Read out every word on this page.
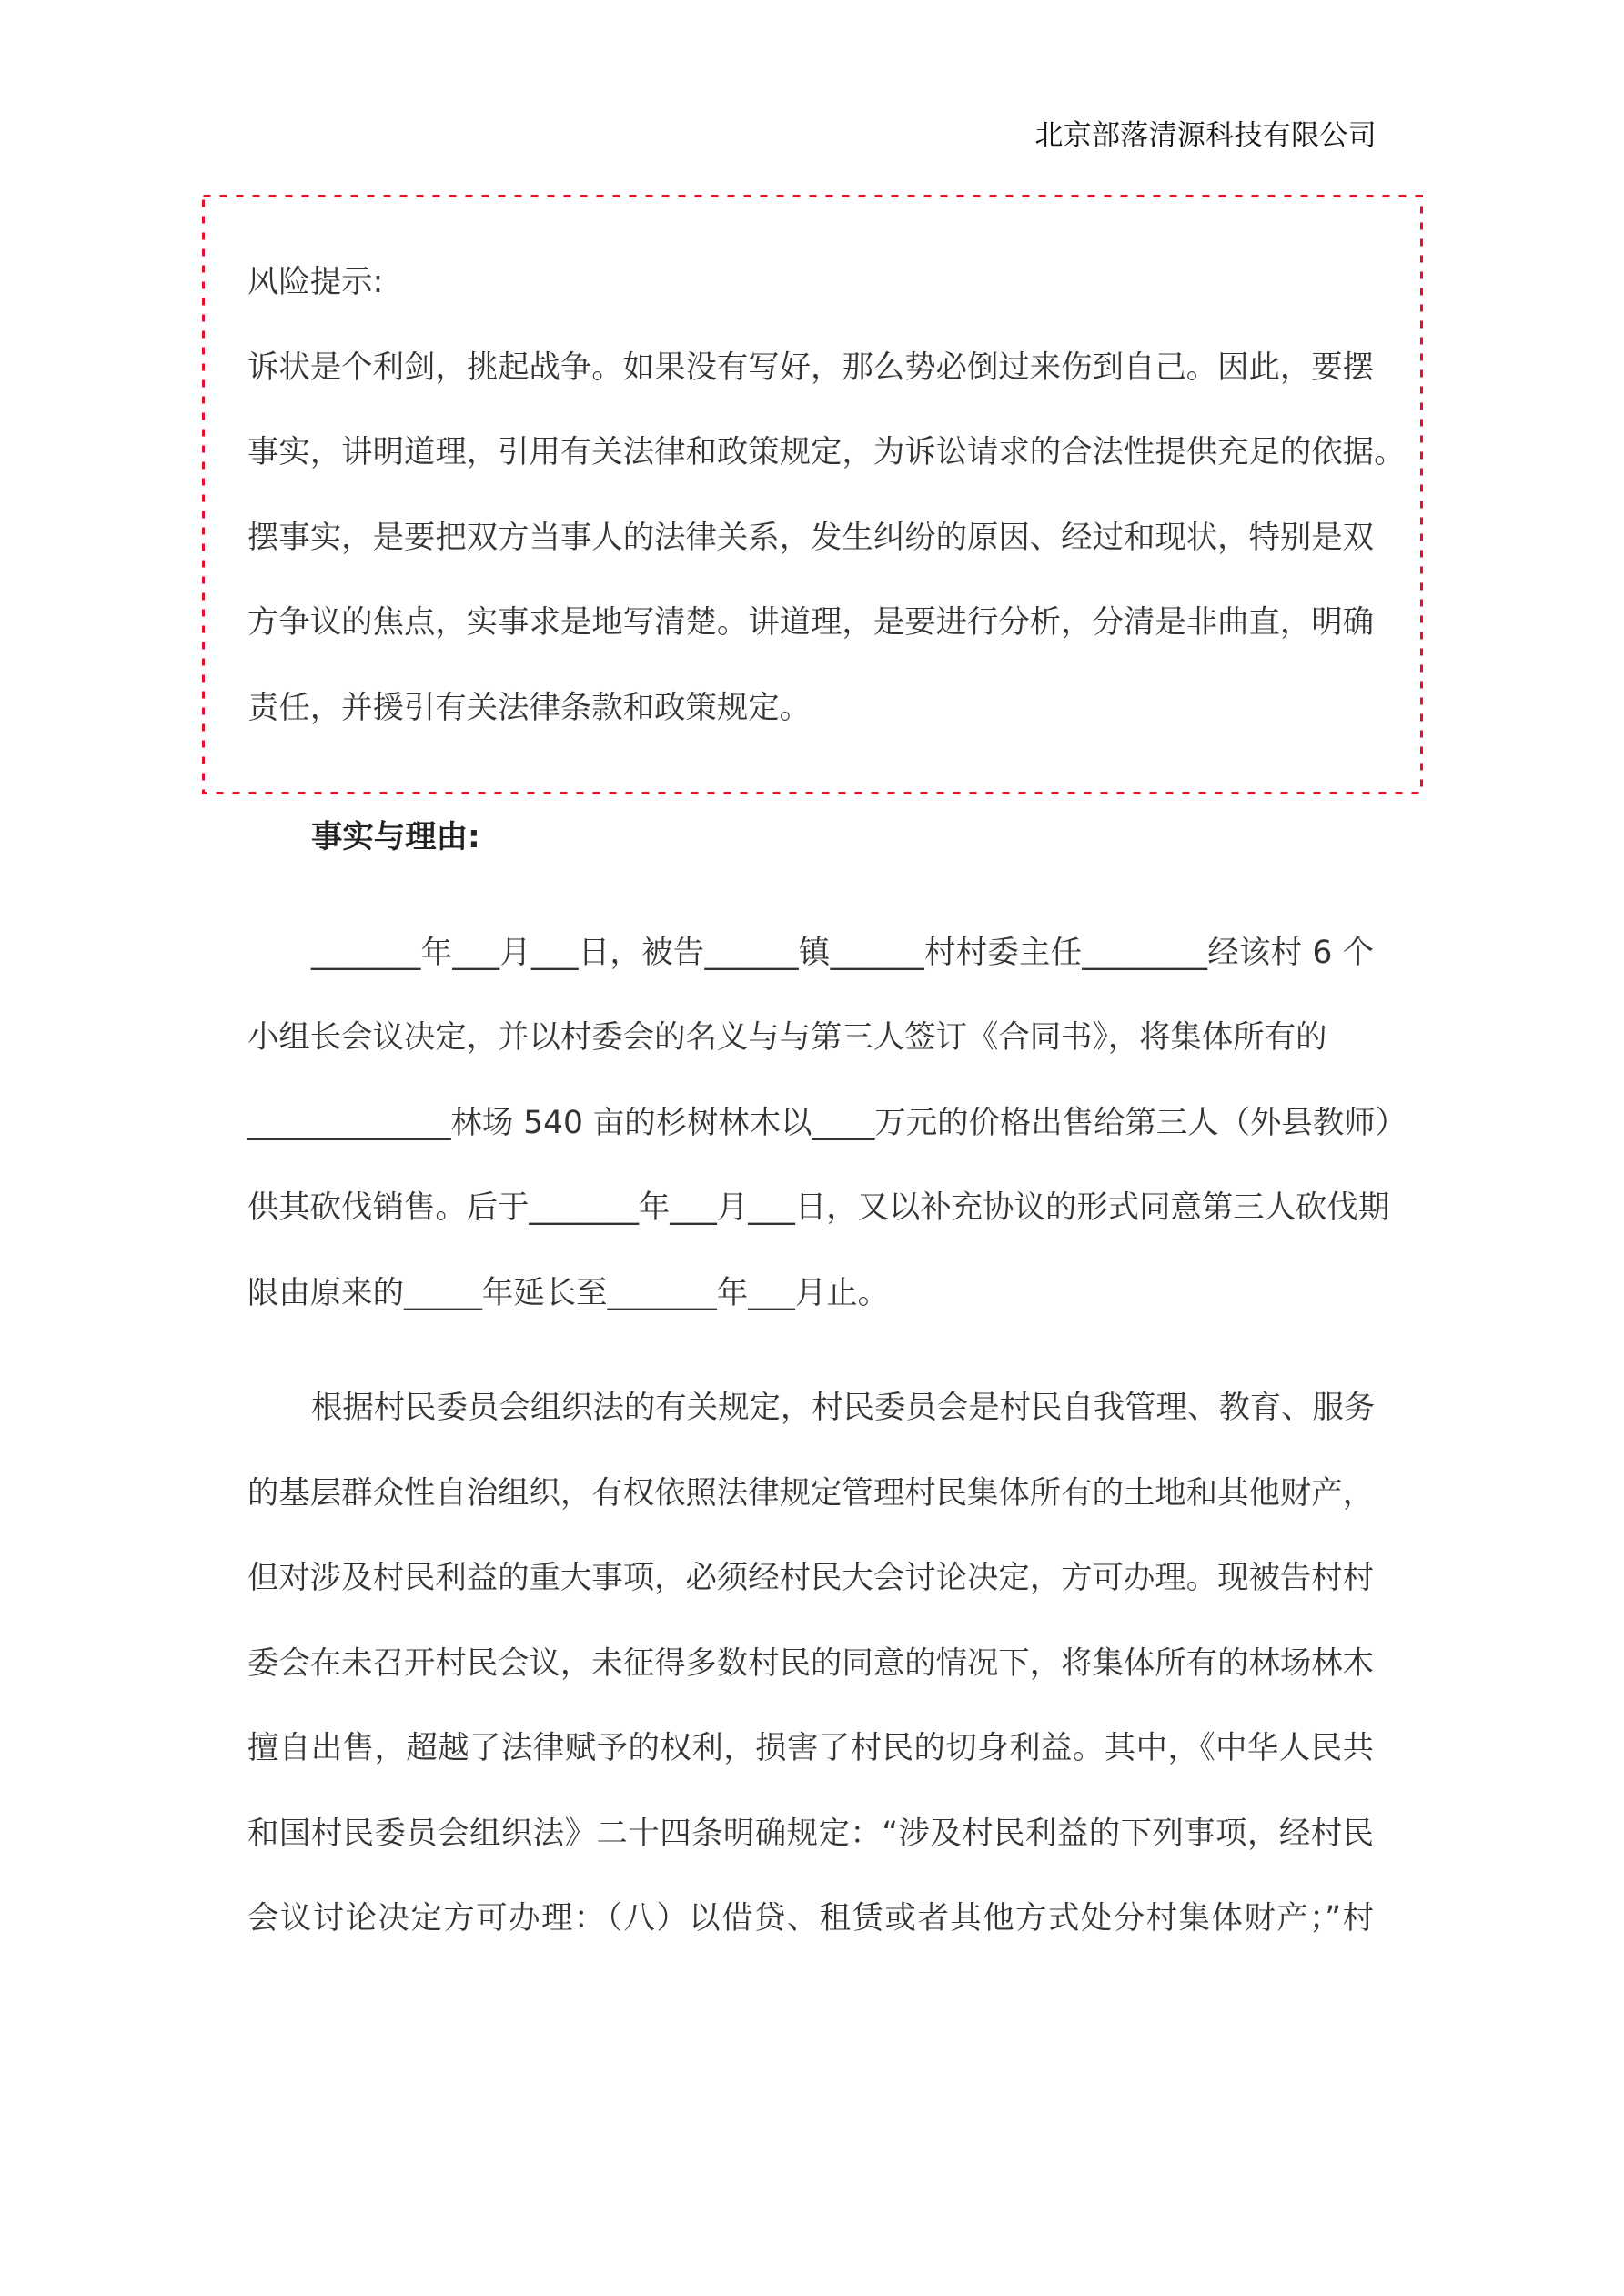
北京部落清源科技有限公司
风险提示:
诉状是个利剑，挑起战争。如果没有写好，那么势必倒过来伤到自己。因此，要摆
事实，讲明道理，引用有关法律和政策规定，为诉讼请求的合法性提供充足的依据。
摆事实，是要把双方当事人的法律关系，发生纠纷的原因、经过和现状，特别是双
方争议的焦点，实事求是地写清楚。讲道理，是要进行分析，分清是非曲直，明确
责任，并援引有关法律条款和政策规定。
事实与理由:
_______年___月___日，被告______镇______村村委主任________经该村 6 个
小组长会议决定，并以村委会的名义与与第三人签订《合同书》，将集体所有的
_____________林场 540 亩的杉树林木以____万元的价格出售给第三人（外县教师）
供其砍伐销售。后于_______年___月___日，又以补充协议的形式同意第三人砍伐期
限由原来的_____年延长至_______年___月止。
根据村民委员会组织法的有关规定，村民委员会是村民自我管理、教育、服务
的基层群众性自治组织，有权依照法律规定管理村民集体所有的土地和其他财产，
但对涉及村民利益的重大事项，必须经村民大会讨论决定，方可办理。现被告村村
委会在未召开村民会议，未征得多数村民的同意的情况下，将集体所有的林场林木
擅自出售，超越了法律赋予的权利，损害了村民的切身利益。其中，《中华人民共
和国村民委员会组织法》二十四条明确规定：“涉及村民利益的下列事项，经村民
会议讨论决定方可办理：（八）以借贷、租赁或者其他方式处分村集体财产；”村
